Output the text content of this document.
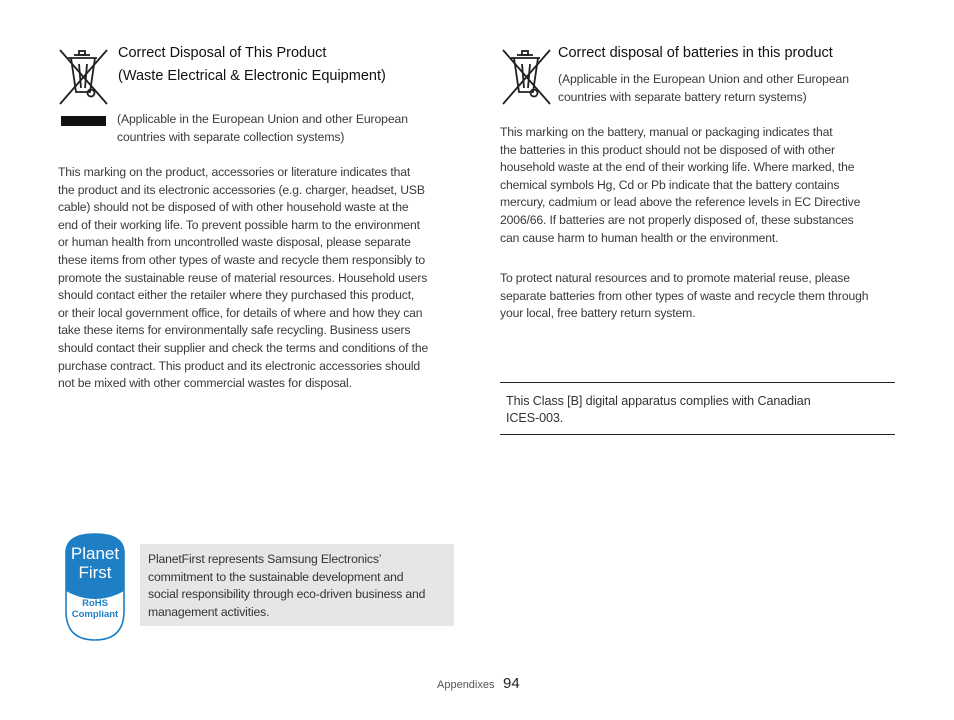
Correct Disposal of This Product
(Waste Electrical & Electronic Equipment)
(Applicable in the European Union and other European
countries with separate collection systems)
This marking on the product, accessories or literature indicates that
the product and its electronic accessories (e.g. charger, headset, USB
cable) should not be disposed of with other household waste at the
end of their working life. To prevent possible harm to the environment
or human health from uncontrolled waste disposal, please separate
these items from other types of waste and recycle them responsibly to
promote the sustainable reuse of material resources. Household users
should contact either the retailer where they purchased this product,
or their local government office, for details of where and how they can
take these items for environmentally safe recycling. Business users
should contact their supplier and check the terms and conditions of the
purchase contract. This product and its electronic accessories should
not be mixed with other commercial wastes for disposal.
Correct disposal of batteries in this product
(Applicable in the European Union and other European
countries with separate battery return systems)
This marking on the battery, manual or packaging indicates that
the batteries in this product should not be disposed of with other
household waste at the end of their working life. Where marked, the
chemical symbols Hg, Cd or Pb indicate that the battery contains
mercury, cadmium or lead above the reference levels in EC Directive
2006/66. If batteries are not properly disposed of, these substances
can cause harm to human health or the environment.
To protect natural resources and to promote material reuse, please
separate batteries from other types of waste and recycle them through
your local, free battery return system.
This Class [B] digital apparatus complies with Canadian
ICES-003.
Planet
First
RoHS
Compliant
PlanetFirst represents Samsung Electronics’
commitment to the sustainable development and
social responsibility through eco-driven business and
management activities.
Appendixes 94
